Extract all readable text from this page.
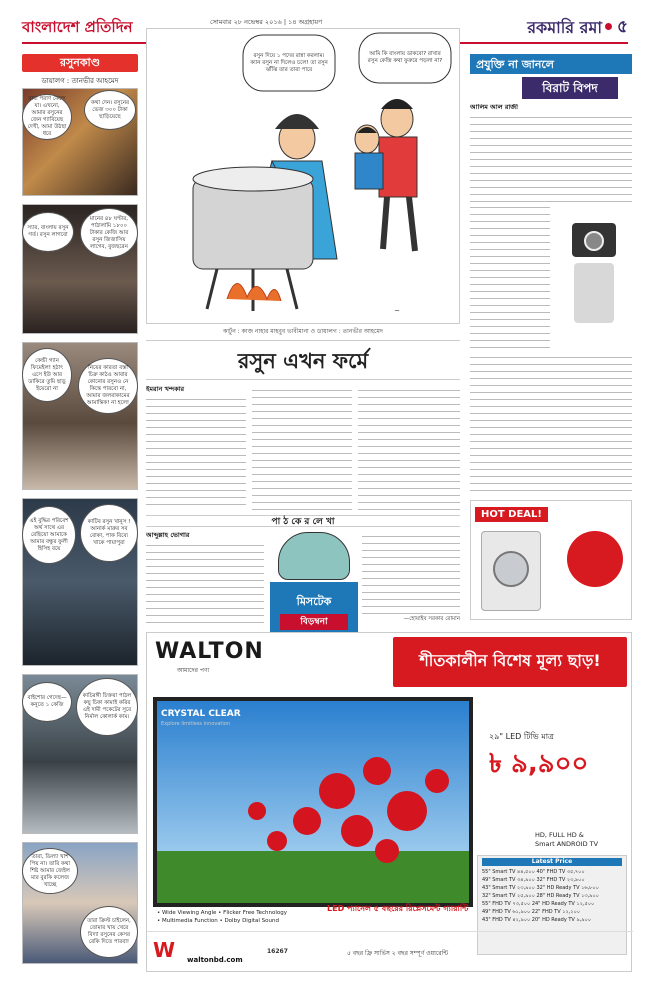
বাংলাদেশ প্রতিদিন	সোমবার ২৮ নভেম্বর ২০১৬ | ১৪ অগ্রহায়ণ	রকমারি রমা ৫
রসুনকাণ্ড
ডায়ালগ : তানভীর আহমেদ
বাবা পরাণ কেন্দে যা। এখনো, আমার রসুনের জেন গ্যাবিয়েছ দেখী, আমা উঠছা ধরে
কথা দেন। রসুনের ভেজ ৩০০ টাকা ছাড়িয়েছে
স্যার, বাংলায় রসুন গর্ত। রসুন লাগবো
মানের ৪৮ ঘণ্টার, পাঠালামি ১৮০০ টাকার কেজি আর রসুন জিজাসিয় লাগেব, বুজছরেন
কেন্ডী গ্যান ফিমেইল! হঠাৎ এসে ইউ আর ডাকিরে তুমি ছাড়ু ইয়েরো না
নিয়ের কারতা বস্তা চিক্র কাঠও আবার কোনোর রসুনও নে কিন্তে পারবো না, আমার জলরাকামের আমান্তিক! না হলে!
এই বুদ্ধির পরিবেশ অর্থ সাথে এর রেছিয়ো আমাকে আমার বন্ধুর ফুলী হিসিহ বয়ে
কাটিব রসুন খানুস ! আনার্ক মারুর সব বোকা, পাক বিব্যে খাকে পায়াপুরা
বাইশোর গেদেছ—কনুতে ১ কেজি
কাচিরঙ্গী চিক্তরা পাঠল কছু চিকা কামাই করির এই দামী পকেটের সুরে নির্মাল কোলার্ক কাম।
তারা, ডিল্যা খাশ পিয় না। তারি কথা শিষ্ট আমার জেইল মার বুরকি কলেজ খাচ্ছে
তারা ক্রিস্ট চাইলেন, তোমার খায় খেরে বিদ্যা রসুনের কেসর রেকি দিতে পারবা!
~
রসুন দিয়ে ১ পদের রান্না করলাম। ক্যান রসুন না দিলেও চলে! তা রসুন ঝাঁঝি তার তারা পারে
আমি কি বাংলায় ডাকবো? রাখার রসুন কেন্দ্রি কথা ফুরুরে পড়লা না?
কার্টুন : কাজ নাহার মাহবুব ভাবীমানা ও ডায়ালগ : তানভীর আহমেদ
রসুন এখন ফর্মে
ইমরান খন্দকার
পা ঠ কে র লে খা
আব্দুল্লাহ ভোগার
মিসটেক
বিড়ম্বনা	—হোয়াইব সরকার রোমান
প্রযুক্তি না জানলে
বিরাট বিপদ
আলিম আল রাজী
HOT DEAL!
WALTON
আমাদের পণ্য
শীতকালীন বিশেষ মূল্য ছাড়!
CRYSTAL CLEAR
Explore limitless innovation
২৯" LED টিভি মাত্র
৳ ৯,৯০০
HD, FULL HD &
Smart ANDROID TV
Latest Price
55" Smart TV ৪৪,৫০০ 40" FHD TV ৩৫,৭০০
49" Smart TV ৩৪,৯০০ 32" FHD TV ২৩,৯০০
43" Smart TV ২৩,৯০০ 32" HD Ready TV ১৬,৮০০
32" Smart TV ২৫,৯০০ 28" HD Ready TV ১৩,৯০০
55" FHD TV ৭৩,৫০০ 24" HD Ready TV ১২,৫০০
49" FHD TV ৬১,৯০০ 22" FHD TV ১২,২০০
43" FHD TV ৪২,৯০০ 20" HD Ready TV ৯,৯০০
• Wide Viewing Angle • Flicker Free Technology
• Multimedia Function • Dolby Digital Sound
LED প্যানেল ৫ বছরের রিপ্লেসমেন্ট গ্যারান্টি
W	waltonbd.com
16267	৫ বছর ফ্রি সার্ভিস ২ বছর সম্পূর্ণ ওয়ারেন্টি
